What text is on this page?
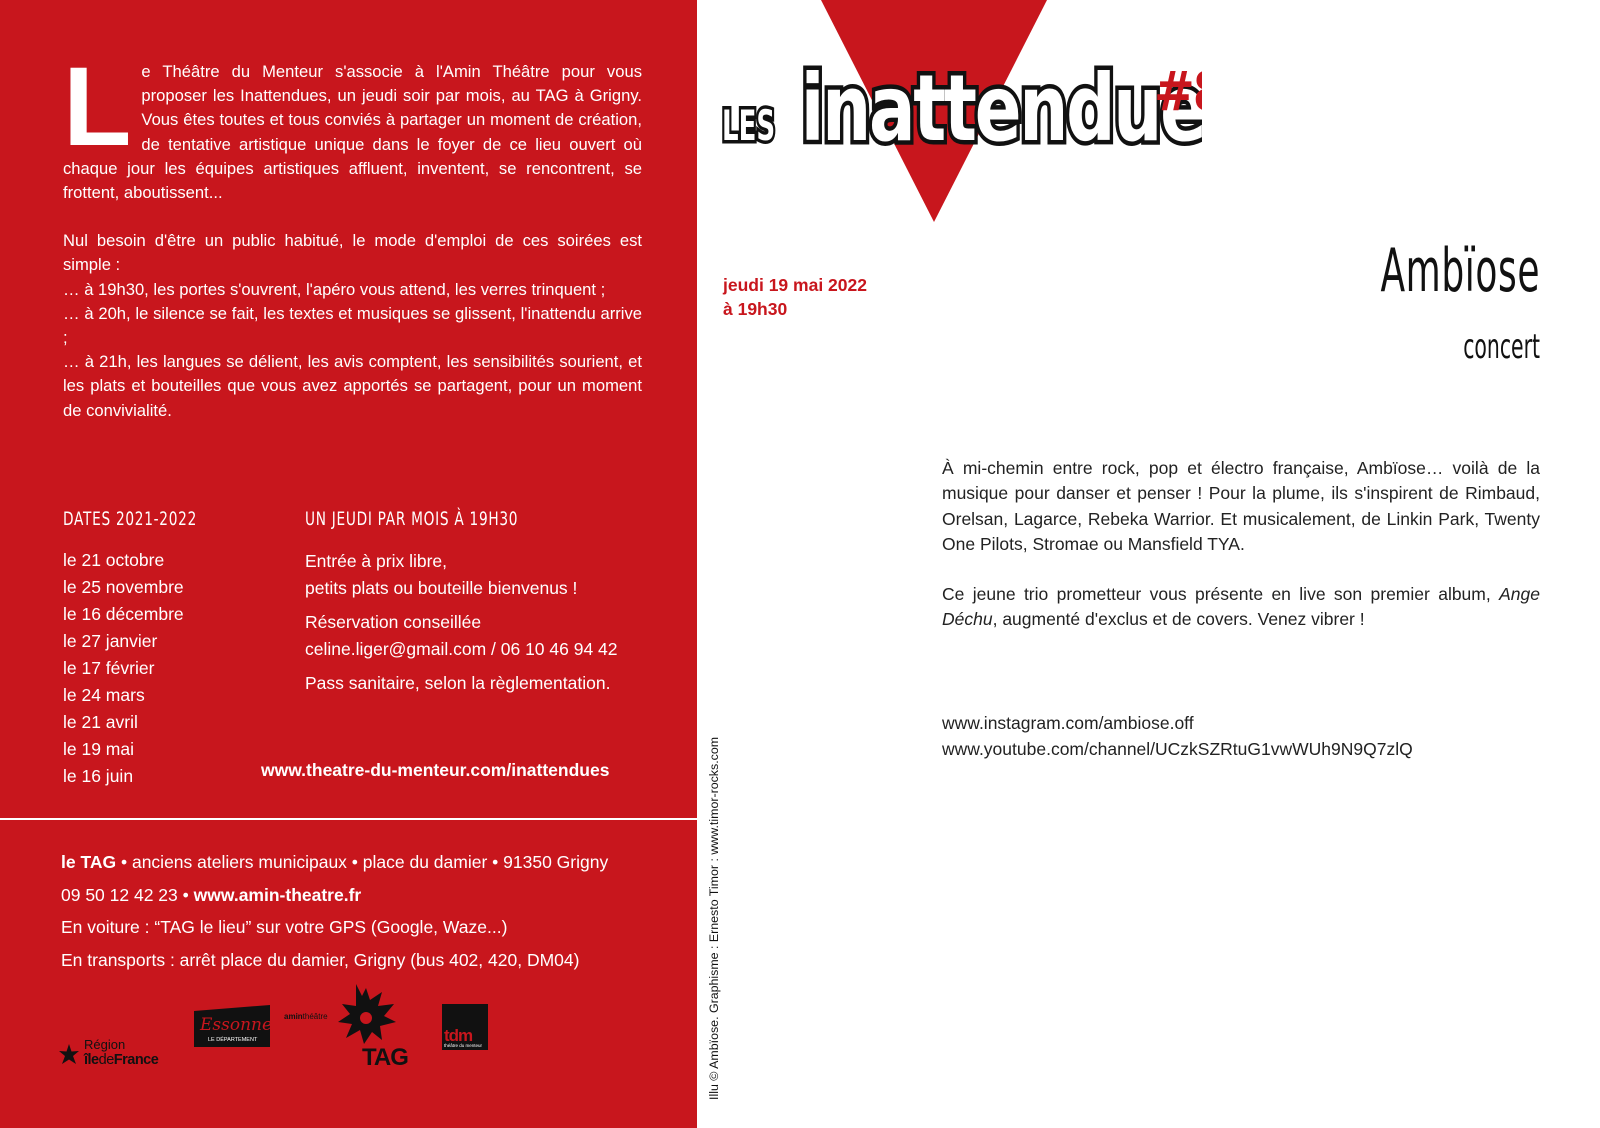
L e Théâtre du Menteur s'associe à l'Amin Théâtre pour vous proposer les Inattendues, un jeudi soir par mois, au TAG à Grigny. Vous êtes toutes et tous conviés à partager un moment de création, de tentative artistique unique dans le foyer de ce lieu ouvert où chaque jour les équipes artistiques affluent, inventent, se rencontrent, se frottent, aboutissent...

Nul besoin d'être un public habitué, le mode d'emploi de ces soirées est simple :

… à 19h30, les portes s'ouvrent, l'apéro vous attend, les verres trinquent ;

… à 20h, le silence se fait, les textes et musiques se glissent, l'inattendu arrive ;

… à 21h, les langues se délient, les avis comptent, les sensibilités sourient, et les plats et bouteilles que vous avez apportés se partagent, pour un moment de convivialité.

DATES 2021-2022
le 21 octobre
le 25 novembre
le 16 décembre
le 27 janvier
le 17 février
le 24 mars
le 21 avril
le 19 mai
le 16 juin
UN JEUDI PAR MOIS À 19H30

Entrée à prix libre,
petits plats ou bouteille bienvenus !

Réservation conseillée
celine.liger@gmail.com / 06 10 46 94 42

Pass sanitaire, selon la règlementation.

www.theatre-du-menteur.com/inattendues
le TAG • anciens ateliers municipaux • place du damier • 91350 Grigny
09 50 12 42 23 • www.amin-theatre.fr
En voiture : “TAG le lieu” sur votre GPS (Google, Waze...)
En transports : arrêt place du damier, Grigny (bus 402, 420, DM04)
Région
îledeFrance
Essonne
LE DÉPARTEMENT
aminthéâtre
TAG
tdm
théâtre du menteur	Illu © Ambïose. Graphisme : Ernesto Timor : www.timor-rocks.com
LES inattendues
#
jeudi 19 mai 2022
à 19h30
Ambïose
concert

À mi-chemin entre rock, pop et électro française, Ambïose… voilà de la musique pour danser et penser ! Pour la plume, ils s'inspirent de Rimbaud, Orelsan, Lagarce, Rebeka Warrior. Et musicalement, de Linkin Park, Twenty One Pilots, Stromae ou Mansfield TYA.

Ce jeune trio prometteur vous présente en live son premier album, Ange Déchu, augmenté d'exclus et de covers. Venez vibrer !

www.instagram.com/ambiose.off
www.youtube.com/channel/UCzkSZRtuG1vwWUh9N9Q7zlQ
